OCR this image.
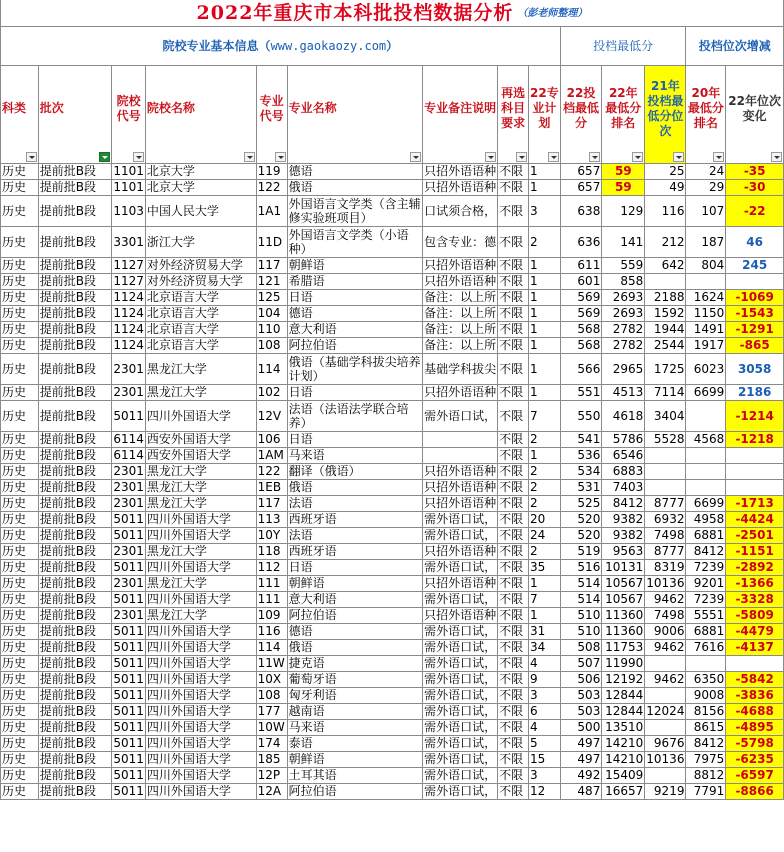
2022年重庆市本科批投档数据分析 （彭老师整理）													
院校专业基本信息（www.gaokaozy.com）									投档最低分			投档位次增减	
科类	批次	院校代号	院校名称	专业代号	专业名称	专业备注说明	再选科目要求	22专业计划	22投档最低分	22年最低分排名	21年投档最低分位次	20年最低分排名	22年位次变化

历史	提前批B段	1101	北京大学	119	德语	只招外语语种	不限	1	657	59	25	24	-35
历史	提前批B段	1101	北京大学	122	俄语	只招外语语种	不限	1	657	59	49	29	-30
历史	提前批B段	1103	中国人民大学	1A1	外国语言文学类（含主辅修实验班项目）	口试须合格，	不限	3	638	129	116	107	-22
历史	提前批B段	3301	浙江大学	11D	外国语言文学类（小语种）	包含专业：德	不限	2	636	141	212	187	46
历史	提前批B段	1127	对外经济贸易大学	117	朝鲜语	只招外语语种	不限	1	611	559	642	804	245
历史	提前批B段	1127	对外经济贸易大学	121	希腊语	只招外语语种	不限	1	601	858			
历史	提前批B段	1124	北京语言大学	125	日语	备注：以上所	不限	1	569	2693	2188	1624	-1069
历史	提前批B段	1124	北京语言大学	104	德语	备注：以上所	不限	1	569	2693	1592	1150	-1543
历史	提前批B段	1124	北京语言大学	110	意大利语	备注：以上所	不限	1	568	2782	1944	1491	-1291
历史	提前批B段	1124	北京语言大学	108	阿拉伯语	备注：以上所	不限	1	568	2782	2544	1917	-865
历史	提前批B段	2301	黑龙江大学	114	俄语（基础学科拔尖培养计划）	基础学科拔尖	不限	1	566	2965	1725	6023	3058
历史	提前批B段	2301	黑龙江大学	102	日语	只招外语语种	不限	1	551	4513	7114	6699	2186
历史	提前批B段	5011	四川外国语大学	12V	法语（法语法学联合培养）	需外语口试，	不限	7	550	4618	3404		-1214
历史	提前批B段	6114	西安外国语大学	106	日语		不限	2	541	5786	5528	4568	-1218
历史	提前批B段	6114	西安外国语大学	1AM	马来语		不限	1	536	6546			
历史	提前批B段	2301	黑龙江大学	122	翻译（俄语）	只招外语语种	不限	2	534	6883			
历史	提前批B段	2301	黑龙江大学	1EB	俄语	只招外语语种	不限	2	531	7403			
历史	提前批B段	2301	黑龙江大学	117	法语	只招外语语种	不限	2	525	8412	8777	6699	-1713
历史	提前批B段	5011	四川外国语大学	113	西班牙语	需外语口试，	不限	20	520	9382	6932	4958	-4424
历史	提前批B段	5011	四川外国语大学	10Y	法语	需外语口试，	不限	24	520	9382	7498	6881	-2501
历史	提前批B段	2301	黑龙江大学	118	西班牙语	只招外语语种	不限	2	519	9563	8777	8412	-1151
历史	提前批B段	5011	四川外国语大学	112	日语	需外语口试，	不限	35	516	10131	8319	7239	-2892
历史	提前批B段	2301	黑龙江大学	111	朝鲜语	只招外语语种	不限	1	514	10567	10136	9201	-1366
历史	提前批B段	5011	四川外国语大学	111	意大利语	需外语口试，	不限	7	514	10567	9462	7239	-3328
历史	提前批B段	2301	黑龙江大学	109	阿拉伯语	只招外语语种	不限	1	510	11360	7498	5551	-5809
历史	提前批B段	5011	四川外国语大学	116	德语	需外语口试，	不限	31	510	11360	9006	6881	-4479
历史	提前批B段	5011	四川外国语大学	114	俄语	需外语口试，	不限	34	508	11753	9462	7616	-4137
历史	提前批B段	5011	四川外国语大学	11W	捷克语	需外语口试，	不限	4	507	11990			
历史	提前批B段	5011	四川外国语大学	10X	葡萄牙语	需外语口试，	不限	9	506	12192	9462	6350	-5842
历史	提前批B段	5011	四川外国语大学	108	匈牙利语	需外语口试，	不限	3	503	12844		9008	-3836
历史	提前批B段	5011	四川外国语大学	177	越南语	需外语口试，	不限	6	503	12844	12024	8156	-4688
历史	提前批B段	5011	四川外国语大学	10W	马来语	需外语口试，	不限	4	500	13510		8615	-4895
历史	提前批B段	5011	四川外国语大学	174	泰语	需外语口试，	不限	5	497	14210	9676	8412	-5798
历史	提前批B段	5011	四川外国语大学	185	朝鲜语	需外语口试，	不限	15	497	14210	10136	7975	-6235
历史	提前批B段	5011	四川外国语大学	12P	土耳其语	需外语口试，	不限	3	492	15409		8812	-6597
历史	提前批B段	5011	四川外国语大学	12A	阿拉伯语	需外语口试，	不限	12	487	16657	9219	7791	-8866
